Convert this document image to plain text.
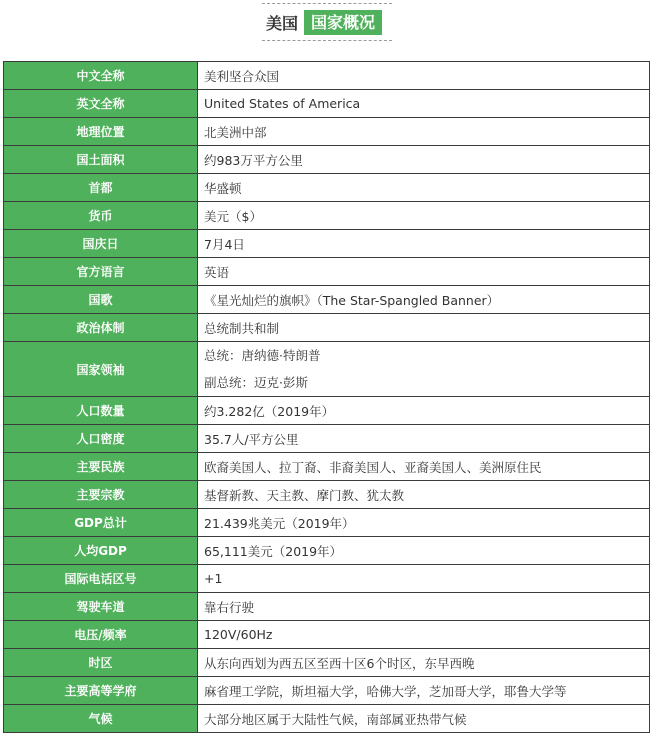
美国 国家概况
中文全称	美利坚合众国
英文全称	United States of America
地理位置	北美洲中部
国土面积	约983万平方公里
首都	华盛顿
货币	美元（$）
国庆日	7月4日
官方语言	英语
国歌	《星光灿烂的旗帜》（The Star-Spangled Banner）
政治体制	总统制共和制
国家领袖	总统：唐纳德·特朗普
副总统：迈克·彭斯

人口数量	约3.282亿（2019年）
人口密度	35.7人/平方公里
主要民族	欧裔美国人、拉丁裔、非裔美国人、亚裔美国人、美洲原住民
主要宗教	基督新教、天主教、摩门教、犹太教
GDP总计	21.439兆美元（2019年）
人均GDP	65,111美元（2019年）
国际电话区号	+1
驾驶车道	靠右行驶
电压/频率	120V/60Hz
时区	从东向西划为西五区至西十区6个时区，东早西晚
主要高等学府	麻省理工学院，斯坦福大学，哈佛大学，芝加哥大学，耶鲁大学等
气候	大部分地区属于大陆性气候，南部属亚热带气候
